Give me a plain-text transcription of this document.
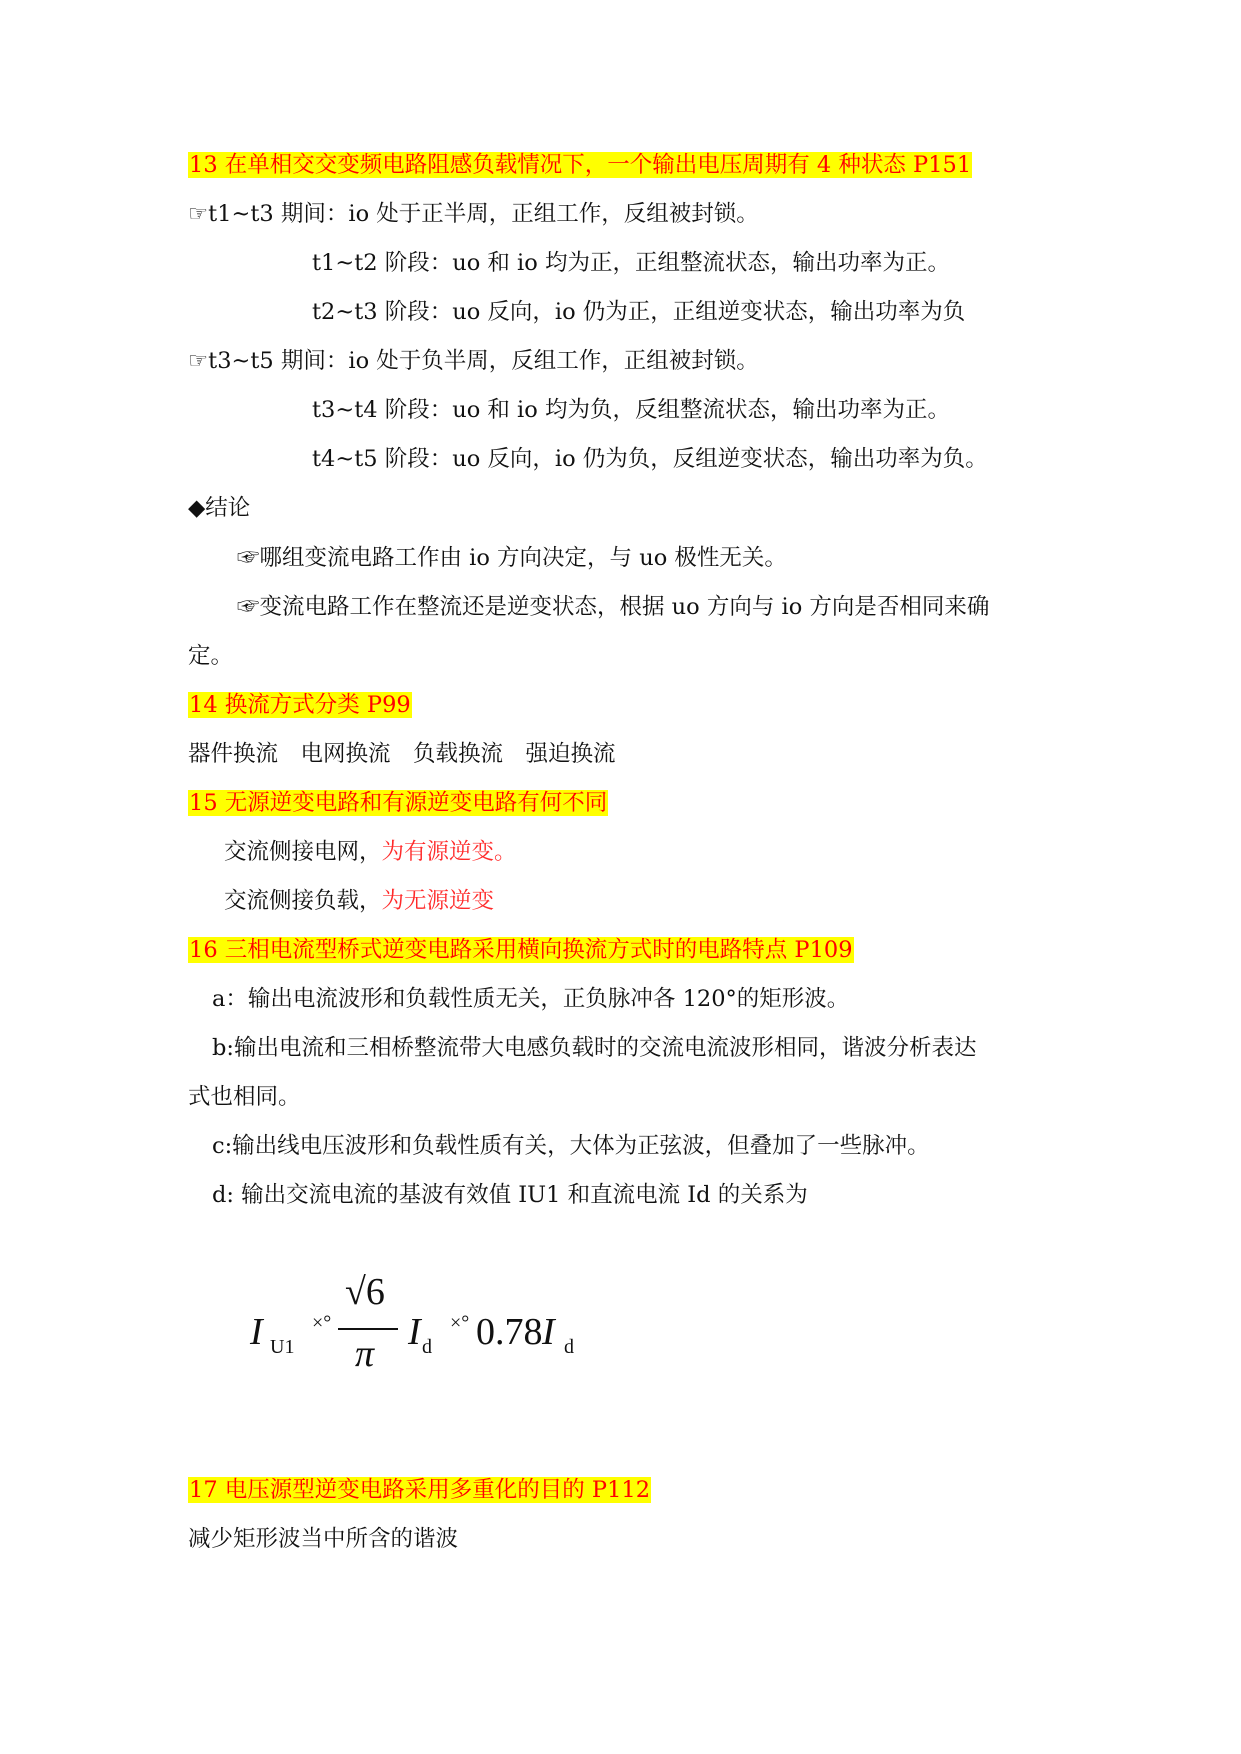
13 在单相交交变频电路阻感负载情况下，一个输出电压周期有 4 种状态 P151
☞t1~t3 期间：io 处于正半周，正组工作，反组被封锁。
t1~t2 阶段：uo 和 io 均为正，正组整流状态，输出功率为正。
t2~t3 阶段：uo 反向，io 仍为正，正组逆变状态，输出功率为负
☞t3~t5 期间：io 处于负半周，反组工作，正组被封锁。
t3~t4 阶段：uo 和 io 均为负，反组整流状态，输出功率为正。
t4~t5 阶段：uo 反向，io 仍为负，反组逆变状态，输出功率为负。
◆结论
☞哪组变流电路工作由 io 方向决定，与 uo 极性无关。
☞变流电路工作在整流还是逆变状态，根据 uo 方向与 io 方向是否相同来确
定。
14 换流方式分类 P99
器件换流　电网换流　负载换流　强迫换流
15 无源逆变电路和有源逆变电路有何不同
交流侧接电网，为有源逆变。
交流侧接负载，为无源逆变
16 三相电流型桥式逆变电路采用横向换流方式时的电路特点 P109
a：输出电流波形和负载性质无关，正负脉冲各 120°的矩形波。
b:输出电流和三相桥整流带大电感负载时的交流电流波形相同，谐波分析表达
式也相同。
c:输出线电压波形和负载性质有关，大体为正弦波，但叠加了一些脉冲。
d: 输出交流电流的基波有效值 IU1 和直流电流 Id 的关系为
I U1
×°
√6
π
I d
×° 0.78 I d
17 电压源型逆变电路采用多重化的目的 P112
减少矩形波当中所含的谐波
